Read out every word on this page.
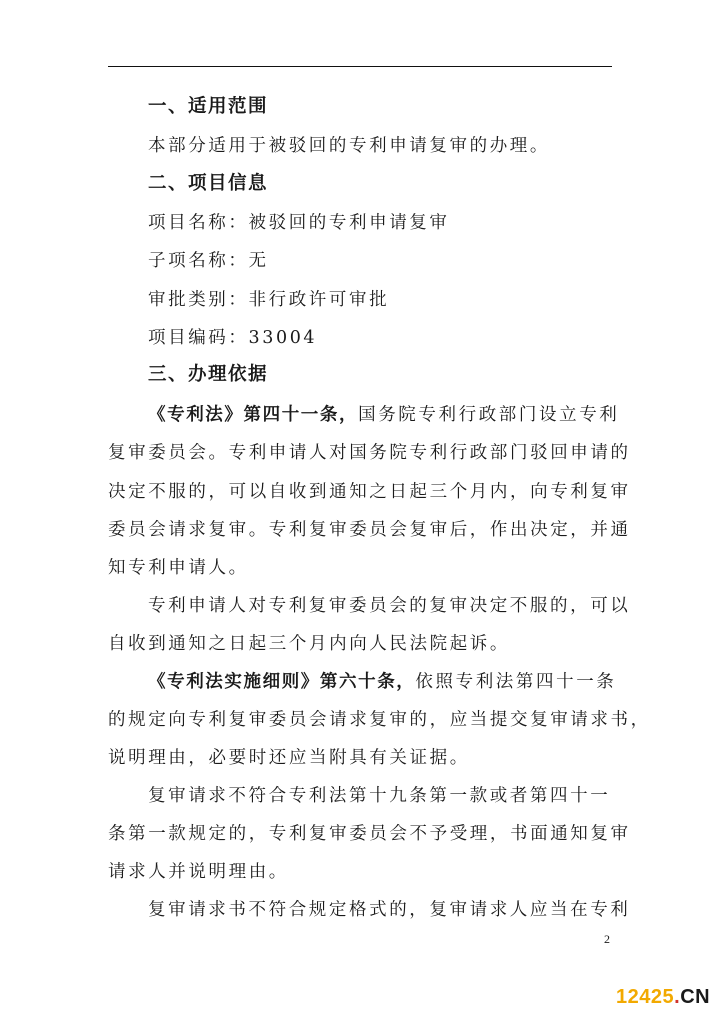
一、适用范围

本部分适用于被驳回的专利申请复审的办理。

二、项目信息

项目名称：被驳回的专利申请复审

子项名称：无

审批类别：非行政许可审批

项目编码：33004

三、办理依据

《专利法》第四十一条，国务院专利行政部门设立专利

复审委员会。专利申请人对国务院专利行政部门驳回申请的

决定不服的，可以自收到通知之日起三个月内，向专利复审

委员会请求复审。专利复审委员会复审后，作出决定，并通

知专利申请人。

专利申请人对专利复审委员会的复审决定不服的，可以

自收到通知之日起三个月内向人民法院起诉。

《专利法实施细则》第六十条，依照专利法第四十一条

的规定向专利复审委员会请求复审的，应当提交复审请求书，

说明理由，必要时还应当附具有关证据。

复审请求不符合专利法第十九条第一款或者第四十一

条第一款规定的，专利复审委员会不予受理，书面通知复审

请求人并说明理由。

复审请求书不符合规定格式的，复审请求人应当在专利

2
12425.CN
